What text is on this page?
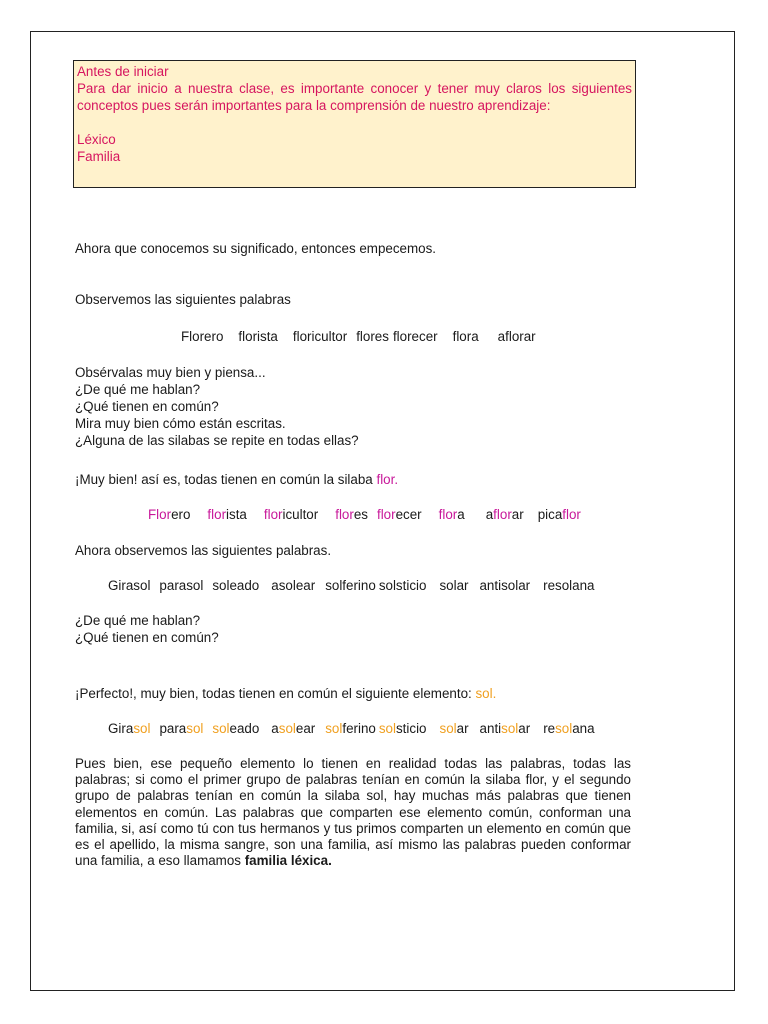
Antes de iniciar

Para dar inicio a nuestra clase, es importante conocer y tener muy claros los siguientes conceptos pues serán importantes para la comprensión de nuestro aprendizaje:

Léxico

Familia

Ahora que conocemos su significado, entonces empecemos.

Observemos las siguientes palabras

Florero florista floricultor flores florecer flora aflorar
Obsérvalas muy bien y piensa...
¿De qué me hablan?
¿Qué tienen en común?
Mira muy bien cómo están escritas.
¿Alguna de las silabas se repite en todas ellas?

¡Muy bien! así es, todas tienen en común la silaba flor.

Florero florista floricultor flores florecer flora aflorar picaflor

Ahora observemos las siguientes palabras.

Girasol parasol soleado asolear solferino solsticio solar antisolar resolana
¿De qué me hablan?
¿Qué tienen en común?

¡Perfecto!, muy bien, todas tienen en común el siguiente elemento: sol.

Girasol parasol soleado asolear solferino solsticio solar antisolar resolana

Pues bien, ese pequeño elemento lo tienen en realidad todas las palabras, todas las palabras; si como el primer grupo de palabras tenían en común la silaba flor, y el segundo grupo de palabras tenían en común la silaba sol, hay muchas más palabras que tienen elementos en común. Las palabras que comparten ese elemento común, conforman una familia, si, así como tú con tus hermanos y tus primos comparten un elemento en común que es el apellido, la misma sangre, son una familia, así mismo las palabras pueden conformar una familia, a eso llamamos familia léxica.
